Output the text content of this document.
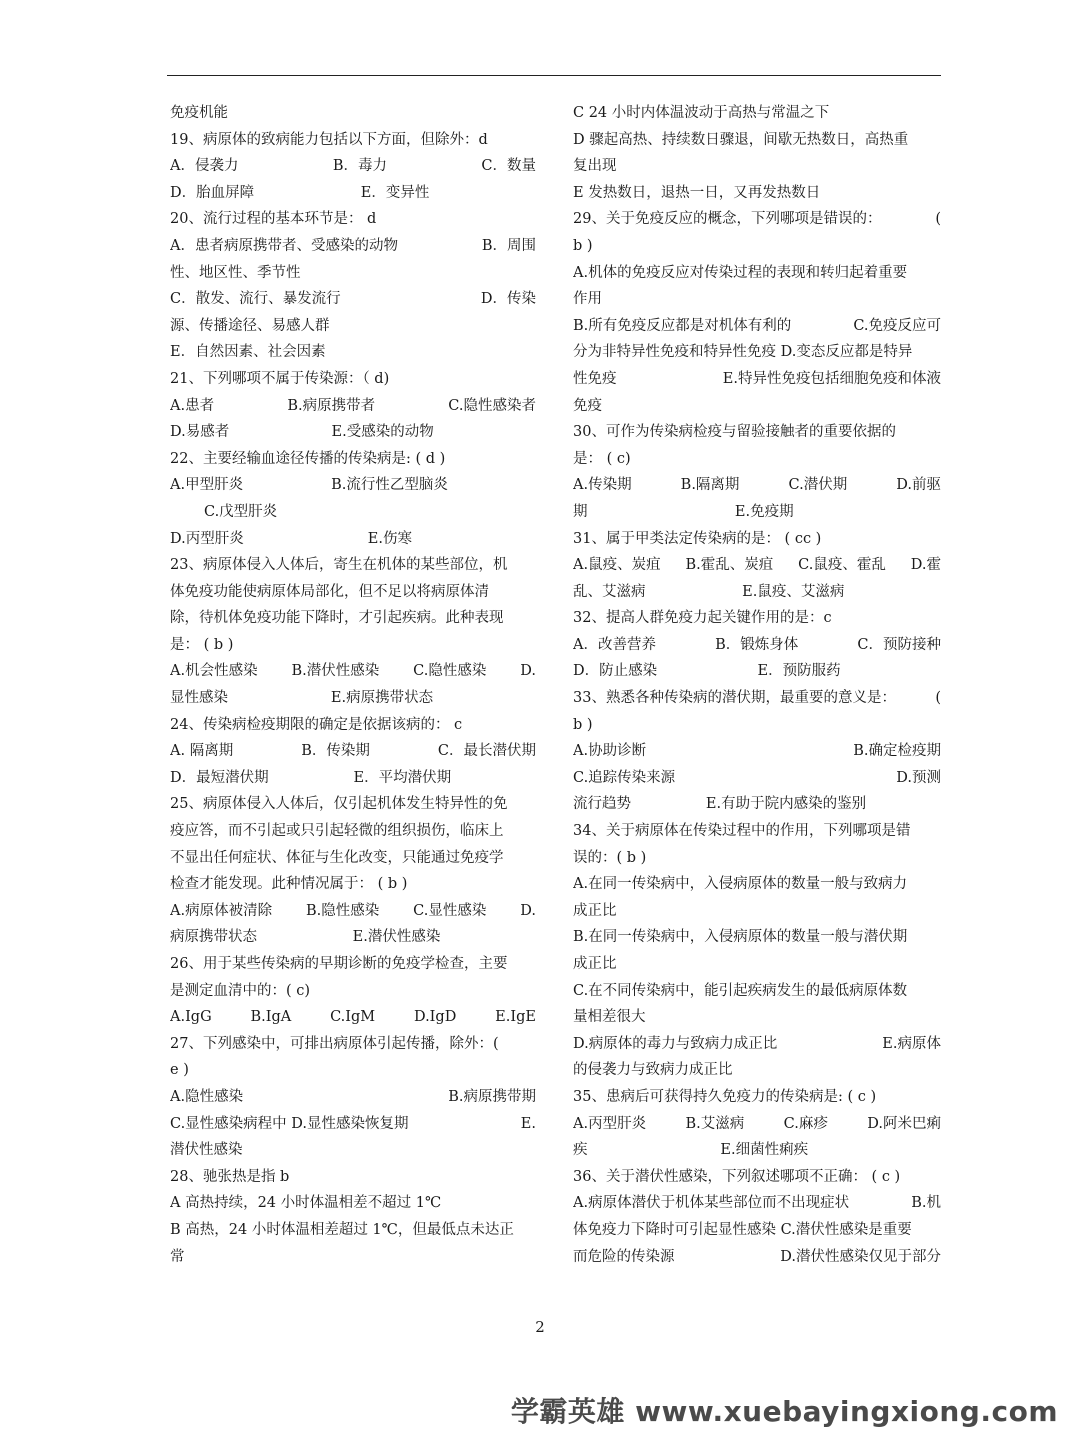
免疫机能
19、病原体的致病能力包括以下方面，但除外：d
A．侵袭力	B．毒力	C．数量
D．胎血屏障	E．变异性
20、流行过程的基本环节是： d
A．患者病原携带者、受感染的动物	B．周围
性、地区性、季节性
C．散发、流行、暴发流行	D．传染
源、传播途径、易感人群
E．自然因素、社会因素
21、下列哪项不属于传染源：（ d)
A.患者	B.病原携带者	C.隐性感染者
D.易感者	E.受感染的动物
22、主要经输血途径传播的传染病是: ( d )
A.甲型肝炎	B.流行性乙型脑炎
C.戊型肝炎
D.丙型肝炎	E.伤寒
23、病原体侵入人体后，寄生在机体的某些部位，机
体免疫功能使病原体局部化，但不足以将病原体清
除，待机体免疫功能下降时，才引起疾病。此种表现
是： ( b )
A.机会性感染 B.潜伏性感染 C.隐性感染 D.
显性感染	E.病原携带状态
24、传染病检疫期限的确定是依据该病的： c
A. 隔离期	B．传染期	C．最长潜伏期
D．最短潜伏期	E．平均潜伏期
25、病原体侵入人体后，仅引起机体发生特异性的免
疫应答，而不引起或只引起轻微的组织损伤，临床上
不显出任何症状、体征与生化改变，只能通过免疫学
检查才能发现。此种情况属于： ( b )
A.病原体被清除 B.隐性感染 C.显性感染 D.
病原携带状态	E.潜伏性感染
26、用于某些传染病的早期诊断的免疫学检查，主要
是测定血清中的：( c)
A.IgG	B.IgA	C.IgM	D.IgD	E.IgE
27、下列感染中，可排出病原体引起传播，除外：(
e )
A.隐性感染	B.病原携带期
C.显性感染病程中 D.显性感染恢复期	E.
潜伏性感染
28、驰张热是指 b
A 高热持续，24 小时体温相差不超过 1℃
B 高热，24 小时体温相差超过 1℃，但最低点未达正
常
C 24 小时内体温波动于高热与常温之下
D 骤起高热、持续数日骤退，间歇无热数日，高热重
复出现
E 发热数日，退热一日，又再发热数日
29、关于免疫反应的概念，下列哪项是错误的：	(
b )
A.机体的免疫反应对传染过程的表现和转归起着重要
作用
B.所有免疫反应都是对机体有利的	C.免疫反应可
分为非特异性免疫和特异性免疫 D.变态反应都是特异
性免疫	E.特异性免疫包括细胞免疫和体液
免疫
30、可作为传染病检疫与留验接触者的重要依据的
是： ( c)
A.传染期	B.隔离期	C.潜伏期	D.前驱
期	E.免疫期
31、属于甲类法定传染病的是： ( cc )
A.鼠疫、炭疽 B.霍乱、炭疽 C.鼠疫、霍乱 D.霍
乱、艾滋病	E.鼠疫、艾滋病
32、提高人群免疫力起关键作用的是：c
A．改善营养	B．锻炼身体	C．预防接种
D．防止感染	E．预防服药
33、熟悉各种传染病的潜伏期，最重要的意义是：	(
b )
A.协助诊断	B.确定检疫期
C.追踪传染来源	D.预测
流行趋势	E.有助于院内感染的鉴别
34、关于病原体在传染过程中的作用，下列哪项是错
误的：( b )
A.在同一传染病中，入侵病原体的数量一般与致病力
成正比
B.在同一传染病中，入侵病原体的数量一般与潜伏期
成正比
C.在不同传染病中，能引起疾病发生的最低病原体数
量相差很大
D.病原体的毒力与致病力成正比	E.病原体
的侵袭力与致病力成正比
35、患病后可获得持久免疫力的传染病是: ( c )
A.丙型肝炎	B.艾滋病	C.麻疹	D.阿米巴痢
疾	E.细菌性痢疾
36、关于潜伏性感染，下列叙述哪项不正确： ( c )
A.病原体潜伏于机体某些部位而不出现症状	B.机
体免疫力下降时可引起显性感染 C.潜伏性感染是重要
而危险的传染源	D.潜伏性感染仅见于部分
2
学霸英雄 www.xuebayingxiong.com
